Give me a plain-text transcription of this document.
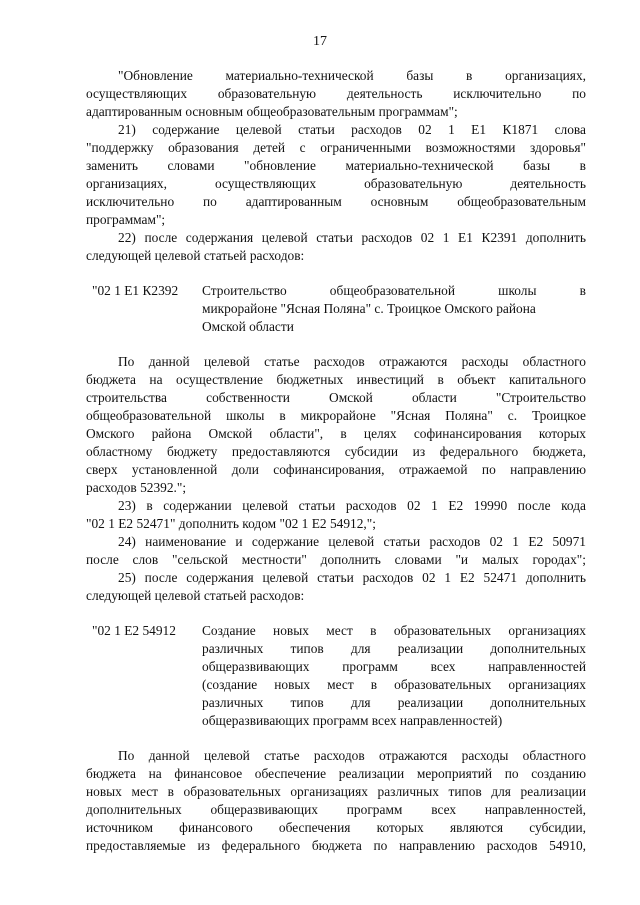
17
"Обновление материально-технической базы в организациях,
осуществляющих образовательную деятельность исключительно по
адаптированным основным общеобразовательным программам";
21) содержание целевой статьи расходов 02 1 Е1 К1871 слова
"поддержку образования детей с ограниченными возможностями здоровья"
заменить словами "обновление материально-технической базы в
организациях, осуществляющих образовательную деятельность
исключительно по адаптированным основным общеобразовательным
программам";
22) после содержания целевой статьи расходов 02 1 Е1 К2391 дополнить
следующей целевой статьей расходов:
"02 1 Е1 К2392 Строительство общеобразовательной школы в
микрорайоне "Ясная Поляна" с. Троицкое Омского района
Омской области
По данной целевой статье расходов отражаются расходы областного
бюджета на осуществление бюджетных инвестиций в объект капитального
строительства собственности Омской области "Строительство
общеобразовательной школы в микрорайоне "Ясная Поляна" с. Троицкое
Омского района Омской области", в целях софинансирования которых
областному бюджету предоставляются субсидии из федерального бюджета,
сверх установленной доли софинансирования, отражаемой по направлению
расходов 52392.";
23) в содержании целевой статьи расходов 02 1 Е2 19990 после кода
"02 1 Е2 52471" дополнить кодом "02 1 Е2 54912,";
24) наименование и содержание целевой статьи расходов 02 1 Е2 50971
после слов "сельской местности" дополнить словами "и малых городах";
25) после содержания целевой статьи расходов 02 1 Е2 52471 дополнить
следующей целевой статьей расходов:
"02 1 Е2 54912 Создание новых мест в образовательных организациях
различных типов для реализации дополнительных
общеразвивающих программ всех направленностей
(создание новых мест в образовательных организациях
различных типов для реализации дополнительных
общеразвивающих программ всех направленностей)
По данной целевой статье расходов отражаются расходы областного
бюджета на финансовое обеспечение реализации мероприятий по созданию
новых мест в образовательных организациях различных типов для реализации
дополнительных общеразвивающих программ всех направленностей,
источником финансового обеспечения которых являются субсидии,
предоставляемые из федерального бюджета по направлению расходов 54910,
